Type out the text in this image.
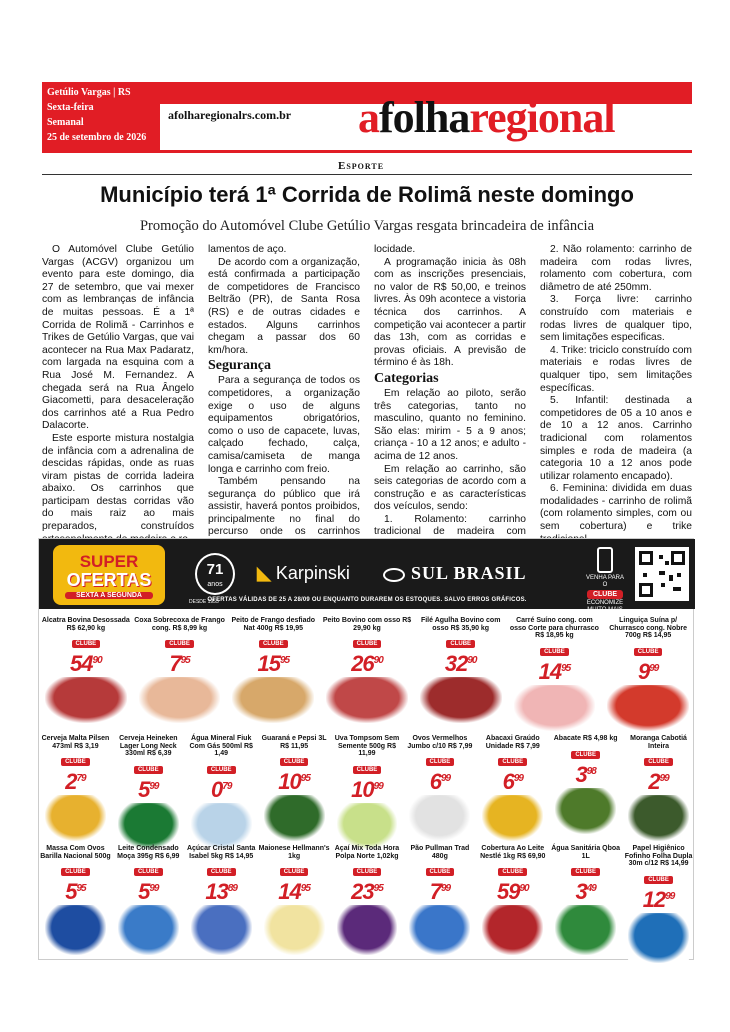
Getúlio Vargas | RS
Sexta-feira
Semanal
25 de setembro de 2026
afolharegionalrs.com.br afolharegional
Esporte
Município terá 1ª Corrida de Rolimã neste domingo
Promoção do Automóvel Clube Getúlio Vargas resgata brincadeira de infância

O Automóvel Clube Getúlio Vargas (ACGV) organizou um evento para este domingo, dia 27 de setembro, que vai mexer com as lembranças de infância de muitas pessoas. É a 1ª Corrida de Rolimã - Carrinhos e Trikes de Getúlio Vargas, que vai acontecer na Rua Max Padaratz, com largada na esquina com a Rua José M. Fernandez. A chegada será na Rua Ângelo Giacometti, para desaceleração dos carrinhos até a Rua Pedro Dalacorte.

Este esporte mistura nostalgia de infância com a adrenalina de descidas rápidas, onde as ruas viram pistas de corrida ladeira abaixo. Os carrinhos que participam destas corridas vão do mais raiz ao mais preparados, construídos

lamentos de aço.

De acordo com a organização, está confirmada a participação de competidores de Francisco Beltrão (PR), de Santa Rosa (RS) e de outras cidades e estados. Alguns carrinhos chegam a passar dos 60 km/hora.

Segurança

Para a segurança de todos os competidores, a organização exige o uso de alguns equipamentos obrigatórios, como o uso de capacete, luvas, calçado fechado, calça, camisa/camiseta de manga longa e carrinho com freio.

Também pensando na segurança do público que irá assistir, haverá pontos proibidos, principalmente no final do percurso onde os carrinhos

locidade.

A programação inicia às 08h com as inscrições presenciais, no valor de R$ 50,00, e treinos livres. Às 09h acontece a vistoria técnica dos carrinhos. A competição vai acontecer a partir das 13h, com as corridas e provas oficiais. A previsão de término é às 18h.

Categorias

Em relação ao piloto, serão três categorias, tanto no masculino, quanto no feminino. São elas: mirim - 5 a 9 anos; criança - 10 a 12 anos; e adulto - acima de 12 anos.

Em relação ao carrinho, são seis categorias de acordo com a construção e as características dos veículos, sendo:

1. Rolamento: carrinho tradicional de madeira com

2. Não rolamento: carrinho de madeira com rodas livres, rolamento com cobertura, com diâmetro de até 250mm.

3. Força livre: carrinho construído com materiais e rodas livres de qualquer tipo, sem limitações especificas.

4. Trike: triciclo construído com materiais e rodas livres de qualquer tipo, sem limitações específicas.

5. Infantil: destinada a competidores de 05 a 10 anos e de 10 a 12 anos. Carrinho tradicional com rolamentos simples e roda de madeira (a categoria 10 a 12 anos pode utilizar rolamento encapado).

6. Feminina: dividida em duas modalidades - carrinho de rolimã (com rolamento simples, com ou sem cobertura) e trike

SUPER
OFERTAS
SEXTA A SEGUNDA
71
anos
DESDE 1955
◣ Karpinski	SUL BRASIL	VENHA PARA O
CLUBE
ECONOMIZE MUITO MAIS
OFERTAS VÁLIDAS DE 25 A 28/09 OU ENQUANTO DURAREM OS ESTOQUES. SALVO ERROS GRÁFICOS.
Alcatra Bovina Desossada R$ 62,90 kg
CLUBE
$54^{90}$
Coxa Sobrecoxa de Frango cong. R$ 8,99 kg
CLUBE
$7^{95}$
Peito de Frango desfiado Nat 400g R$ 19,95
CLUBE
$15^{95}$
Peito Bovino com osso R$ 29,90 kg
CLUBE
$26^{90}$
Filé Agulha Bovino com osso R$ 35,90 kg
CLUBE
$32^{90}$
Carré Suíno cong. com osso Corte para churrasco R$ 18,95 kg
CLUBE
$14^{95}$
Linguiça Suína p/ Churrasco cong. Nobre 700g R$ 14,95
CLUBE
$9^{99}$
Cerveja Malta Pilsen 473ml R$ 3,19
CLUBE
$2^{79}$
Cerveja Heineken Lager Long Neck 330ml R$ 6,39
CLUBE
$5^{99}$
Água Mineral Fiuk Com Gás 500ml R$ 1,49
CLUBE
$0^{79}$
Guaraná e Pepsi 3L R$ 11,95
CLUBE
$10^{95}$
Uva Tompsom Sem Semente 500g R$ 11,99
CLUBE
$10^{99}$
Ovos Vermelhos Jumbo c/10 R$ 7,99
CLUBE
$6^{99}$
Abacaxi Graúdo Unidade R$ 7,99
CLUBE
$6^{99}$
Abacate R$ 4,98 kg
CLUBE
$3^{98}$
Moranga Cabotiá Inteira
CLUBE
$2^{99}$
Massa Com Ovos Barilla Nacional 500g
CLUBE
$5^{95}$
Leite Condensado Moça 395g R$ 6,99
CLUBE
$5^{99}$
Açúcar Cristal Santa Isabel 5kg R$ 14,95
CLUBE
$13^{89}$
Maionese Hellmann's 1kg
CLUBE
$14^{95}$
Açaí Mix Toda Hora Polpa Norte 1,02kg
CLUBE
$23^{95}$
Pão Pullman Trad 480g
CLUBE
$7^{99}$
Cobertura Ao Leite Nestlé 1kg R$ 69,90
CLUBE
$59^{90}$
Água Sanitária Qboa 1L
CLUBE
$3^{49}$
Papel Higiênico Fofinho Folha Dupla 30m c/12 R$ 14,99
CLUBE
$12^{99}$
